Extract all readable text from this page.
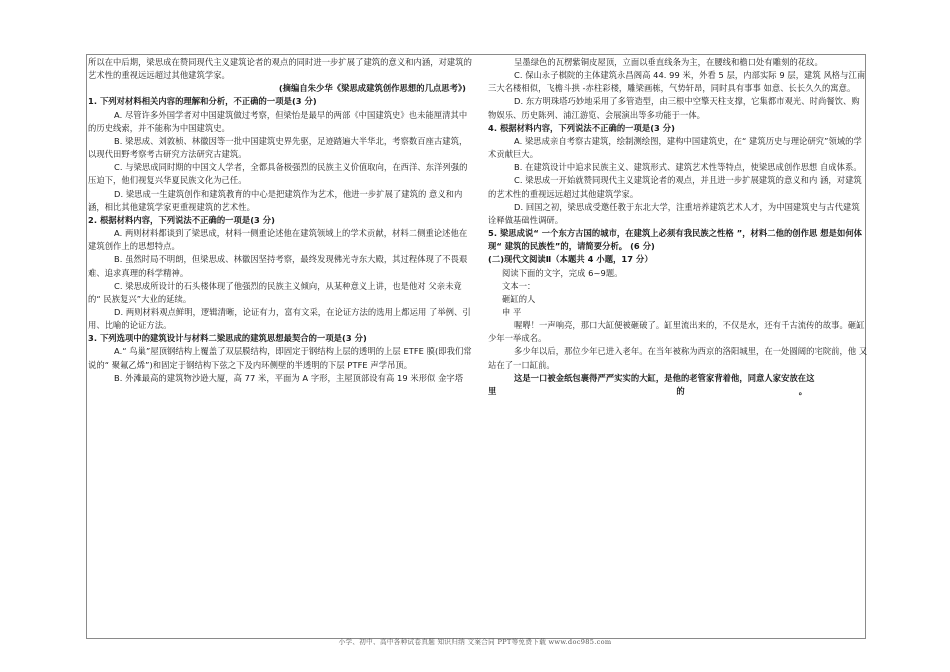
所以在中后期，梁思成在赞同现代主义建筑论者的观点的同时进一步扩展了建筑的意义和内涵，对建筑的艺术性的重视远远超过其他建筑学家。

(摘编自朱少华《梁思成建筑创作思想的几点思考》)

1. 下列对材料相关内容的理解和分析，不正确的一项是(3 分)

A. 尽管许多外国学者对中国建筑做过考察，但梁怡是最早的两部《中国建筑史》也未能厘清其中的历史线索，并不能称为中国建筑史。

B. 梁思成、刘敦桢、林徽因等一批中国建筑史界先驱，足迹踏遍大半华北，考察数百座古建筑，以现代田野考察考古研究方法研究古建筑。

C. 与梁思成同时期的中国文人学者，全都具备极强烈的民族主义价值取向，在西洋、东洋列强的压迫下，他们视复兴华夏民族文化为己任。

D. 梁思成一生建筑创作和建筑教育的中心是把建筑作为艺术，他进一步扩展了建筑的 意义和内涵，相比其他建筑学家更重视建筑的艺术性。

2. 根据材料内容，下列说法不正确的一项是(3 分)

A. 两则材料都谈到了梁思成，材料一侧重论述他在建筑领域上的学术贡献，材料二侧重论述他在建筑创作上的思想特点。

B. 虽然时局不明朗，但梁思成、林徽因坚持考察，最终发现佛光寺东大殿，其过程体现了不畏艰难、追求真理的科学精神。

C. 梁思成所设计的石头楼体现了他强烈的民族主义倾向，从某种意义上讲，也是他对 父亲未竟的“ 民族复兴”大业的延续。

D. 两则材料观点鲜明，逻辑清晰，论证有力，富有文采，在论证方法的选用上都运用 了举例、引用、比喻的论证方法。

3. 下列选项中的建筑设计与材料二梁思成的建筑思想最契合的一项是(3 分)

A.“ 鸟巢”屋顶钢结构上覆盖了双层膜结构，即固定于钢结构上层的透明的上层 ETFE 膜(即我们常说的“ 聚氟乙烯”)和固定于钢结构下弦之下及内环侧壁的半透明的下层 PTFE 声学吊顶。

B. 外滩最高的建筑物沙逊大厦，高 77 米，平面为 A 字形，主屋顶部设有高 19 米形似 金字塔

呈墨绿色的瓦楞紫铜皮屋顶，立面以垂直线条为主，在腰线和檐口处有雕刻的花纹。

C. 保山永子棋院的主体建筑永昌阁高 44. 99 米，外看 5 层，内部实际 9 层，建筑 风格与江南三大名楼相似，飞檐斗拱 -赤柱彩楼，雕梁画栋，气势轩昂，同时具有事事 如意、长长久久的寓意。

D. 东方明珠塔巧妙地采用了多管造型，由三根中空擎天柱支撑，它集都市观光、时尚餐饮、购物娱乐、历史陈列、浦江游览、会展演出等多功能于一体。

4. 根据材料内容，下列说法不正确的一项是(3 分)

A. 梁思成亲自考察古建筑，绘制测绘图，建构中国建筑史，在“ 建筑历史与理论研究”领域的学术贡献巨大。

B. 在建筑设计中追求民族主义、建筑形式、建筑艺术性等特点，使梁思成创作思想 自成体系。

C. 梁思成一开始就赞同现代主义建筑论者的观点，并且进一步扩展建筑的意义和内 涵，对建筑的艺术性的重视远远超过其他建筑学家。

D. 回国之初，梁思成受邀任教于东北大学，注重培养建筑艺术人才，为中国建筑史与古代建筑诠释做基础性调研。

5. 梁思成说“ 一个东方古国的城市，在建筑上必须有我民族之性格 ”，材料二他的创作思 想是如何体现“ 建筑的民族性”的，请简要分析。 (6 分)

(二)现代文阅读Ⅱ（本题共 4 小题，17 分）

阅读下面的文字，完成 6~9题。

文本一：

砸缸的人

申 平

喔嘚！一声响亮，那口大缸便被砸破了。缸里流出来的，不仅是水，还有千古流传的故事。砸缸少年一举成名。

多少年以后，那位少年已进入老年。在当年被称为西京的洛阳城里，在一处圆阔的宅院前，他 又站在了一口缸前。

这是一口被金纸包裹得严严实实的大缸，是他的老管家背着他，同意人家安放在这

里	的	。

小学、初中、高中各种试卷真题 知识归纳 文案合同 PPT等免费下载 www.doc985.com
